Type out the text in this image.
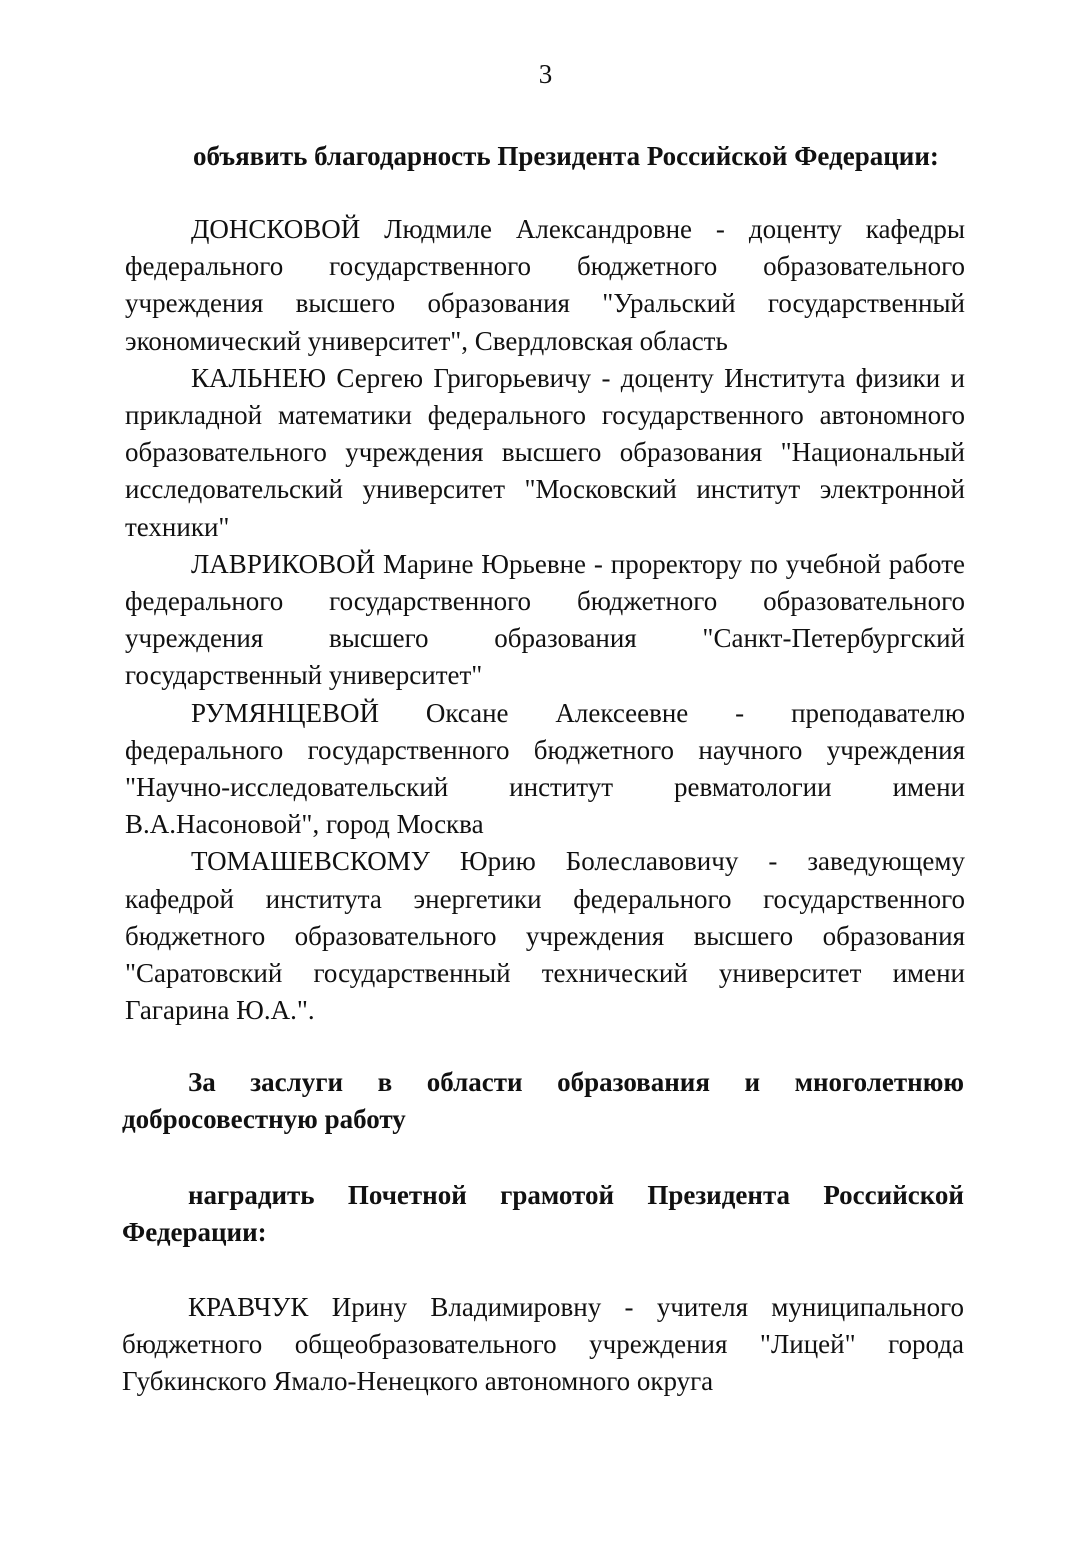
3
объявить благодарность Президента Российской Федерации:

ДОНСКОВОЙ Людмиле Александровне - доценту кафедры федерального государственного бюджетного образовательного учреждения высшего образования "Уральский государственный экономический университет", Свердловская область

КАЛЬНЕЮ Сергею Григорьевичу - доценту Института физики и прикладной математики федерального государственного автономного образовательного учреждения высшего образования "Национальный исследовательский университет "Московский институт электронной техники"

ЛАВРИКОВОЙ Марине Юрьевне - проректору по учебной работе федерального государственного бюджетного образовательного учреждения высшего образования "Санкт-Петербургский государственный университет"

РУМЯНЦЕВОЙ Оксане Алексеевне - преподавателю федерального государственного бюджетного научного учреждения "Научно-исследовательский институт ревматологии имени В.А.Насоновой", город Москва

ТОМАШЕВСКОМУ Юрию Болеславовичу - заведующему кафедрой института энергетики федерального государственного бюджетного образовательного учреждения высшего образования "Саратовский государственный технический университет имени Гагарина Ю.А.".

За заслуги в области образования и многолетнюю добросовестную работу

наградить Почетной грамотой Президента Российской Федерации:

КРАВЧУК Ирину Владимировну - учителя муниципального бюджетного общеобразовательного учреждения "Лицей" города Губкинского Ямало-Ненецкого автономного округа
